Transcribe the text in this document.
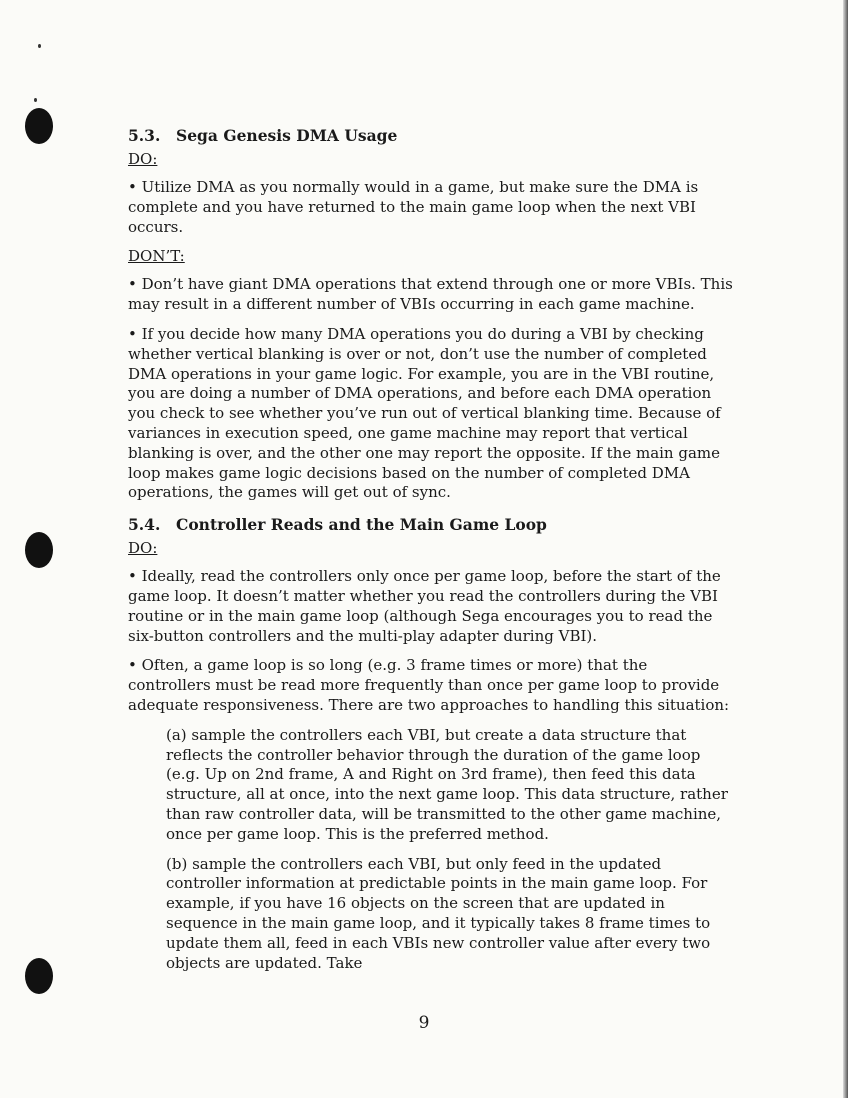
5.3. Sega Genesis DMA Usage
DO:

• Utilize DMA as you normally would in a game, but make sure the DMA is complete and you have returned to the main game loop when the next VBI occurs.

DON’T:

• Don’t have giant DMA operations that extend through one or more VBIs. This may result in a different number of VBIs occurring in each game machine.

• If you decide how many DMA operations you do during a VBI by checking whether vertical blanking is over or not, don’t use the number of completed DMA operations in your game logic. For example, you are in the VBI routine, you are doing a number of DMA operations, and before each DMA operation you check to see whether you’ve run out of vertical blanking time. Because of variances in execution speed, one game machine may report that vertical blanking is over, and the other one may report the opposite. If the main game loop makes game logic decisions based on the number of completed DMA operations, the games will get out of sync.

5.4. Controller Reads and the Main Game Loop
DO:

• Ideally, read the controllers only once per game loop, before the start of the game loop. It doesn’t matter whether you read the controllers during the VBI routine or in the main game loop (although Sega encourages you to read the six-button controllers and the multi-play adapter during VBI).

• Often, a game loop is so long (e.g. 3 frame times or more) that the controllers must be read more frequently than once per game loop to provide adequate responsiveness. There are two approaches to handling this situation:

(a) sample the controllers each VBI, but create a data structure that reflects the controller behavior through the duration of the game loop (e.g. Up on 2nd frame, A and Right on 3rd frame), then feed this data structure, all at once, into the next game loop. This data structure, rather than raw controller data, will be transmitted to the other game machine, once per game loop. This is the preferred method.

(b) sample the controllers each VBI, but only feed in the updated controller information at predictable points in the main game loop. For example, if you have 16 objects on the screen that are updated in sequence in the main game loop, and it typically takes 8 frame times to update them all, feed in each VBIs new controller value after every two objects are updated. Take

9
